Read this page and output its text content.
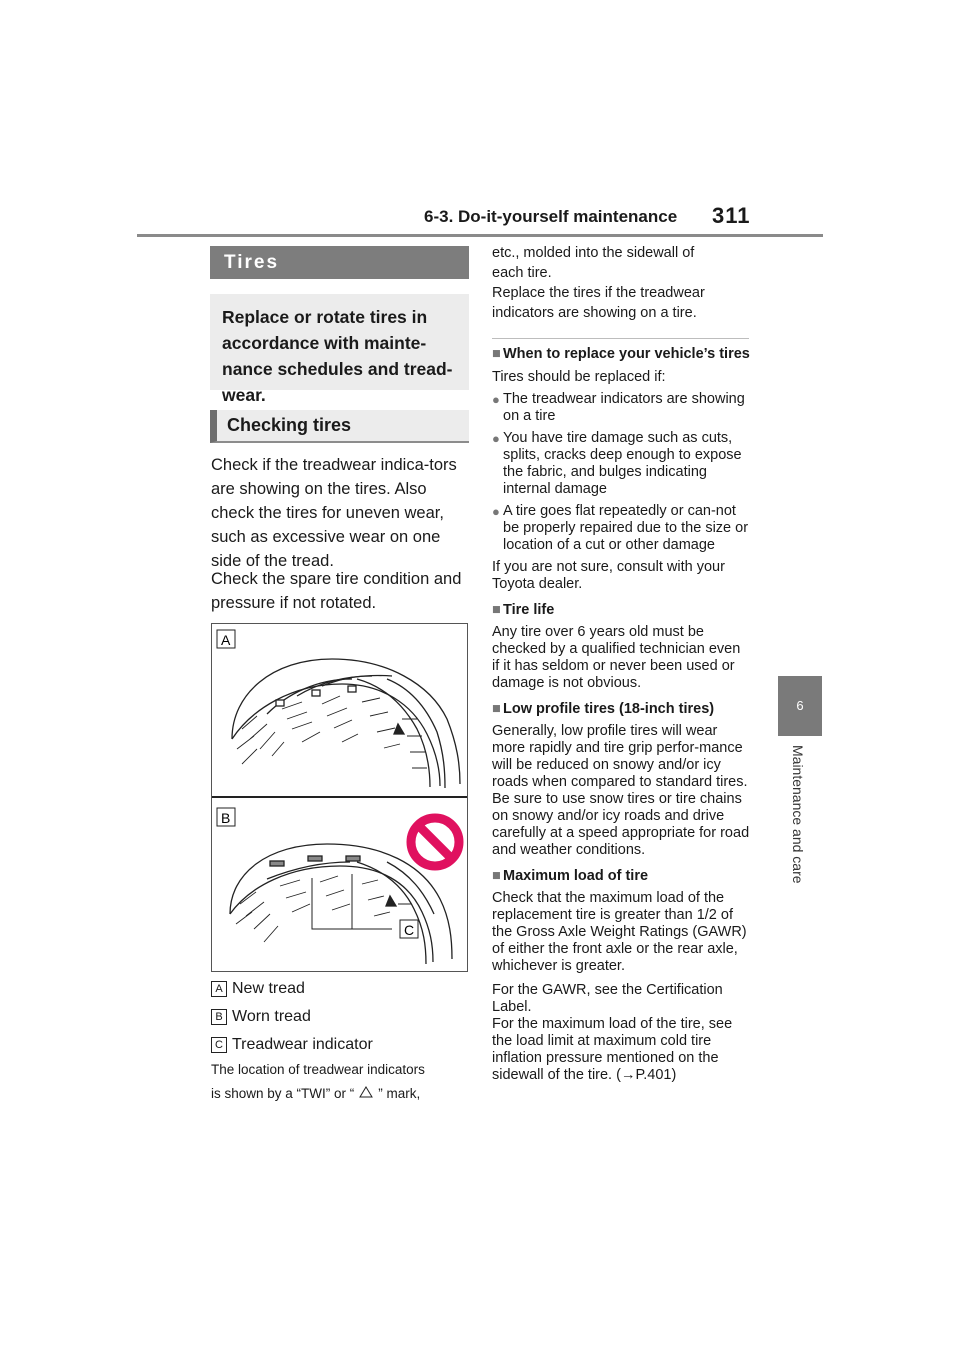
6-3. Do-it-yourself maintenance 311
6
Maintenance and care
Tires
Replace or rotate tires in accordance with mainte-nance schedules and tread-wear.
Checking tires
Check if the treadwear indica-tors are showing on the tires. Also check the tires for uneven wear, such as excessive wear on one side of the tread.
Check the spare tire condition and pressure if not rotated.
A
B
C
A New tread
B Worn tread
C Treadwear indicator
The location of treadwear indicators
is shown by a “TWI” or “ ” mark,
etc., molded into the sidewall of
each tire.
Replace the tires if the treadwear
indicators are showing on a tire.
■ When to replace your vehicle’s tires
Tires should be replaced if:
● The treadwear indicators are showing on a tire
● You have tire damage such as cuts, splits, cracks deep enough to expose the fabric, and bulges indicating internal damage
● A tire goes flat repeatedly or can-not be properly repaired due to the size or location of a cut or other damage
If you are not sure, consult with your Toyota dealer.
■ Tire life
Any tire over 6 years old must be checked by a qualified technician even if it has seldom or never been used or damage is not obvious.
■ Low profile tires (18-inch tires)
Generally, low profile tires will wear more rapidly and tire grip perfor-mance will be reduced on snowy and/or icy roads when compared to standard tires. Be sure to use snow tires or tire chains on snowy and/or icy roads and drive carefully at a speed appropriate for road and weather conditions.
■ Maximum load of tire
Check that the maximum load of the replacement tire is greater than 1/2 of the Gross Axle Weight Ratings (GAWR) of either the front axle or the rear axle, whichever is greater.
For the GAWR, see the Certification Label.
For the maximum load of the tire, see the load limit at maximum cold tire inflation pressure mentioned on the sidewall of the tire. (→P.401)
